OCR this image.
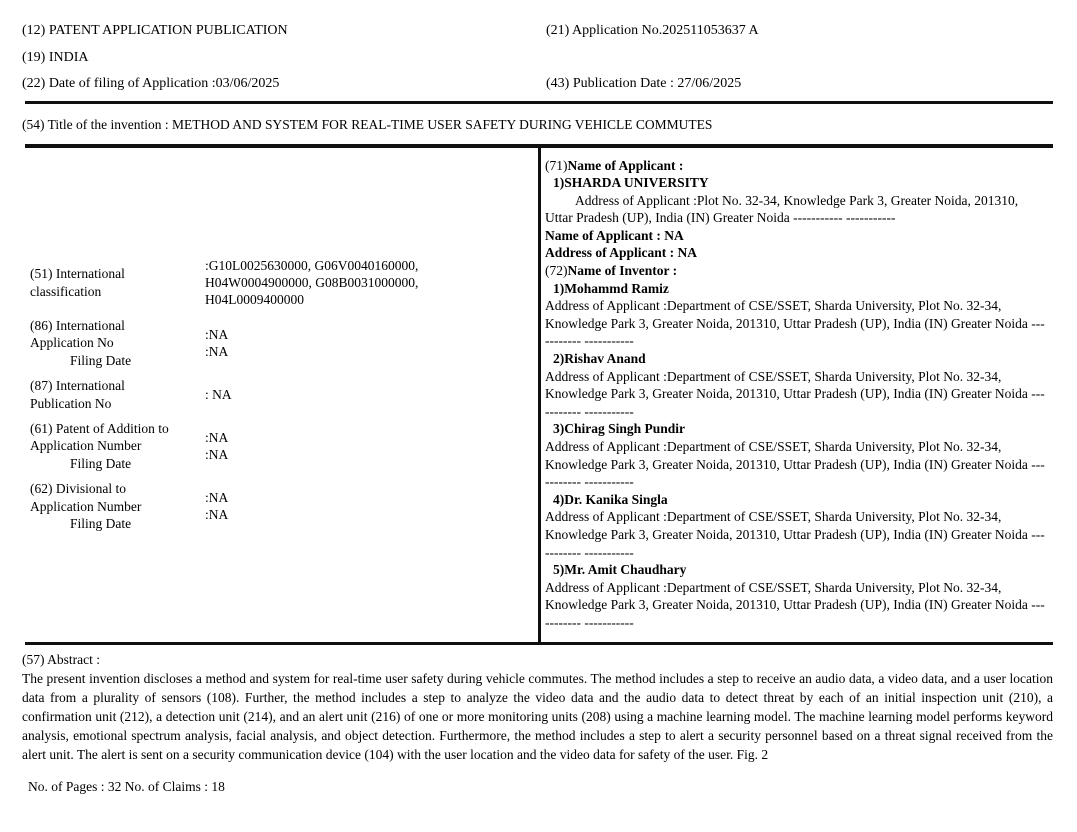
(12) PATENT APPLICATION PUBLICATION
(19) INDIA
(22) Date of filing of Application :03/06/2025
(21) Application No.202511053637 A

(43) Publication Date : 27/06/2025
(54) Title of the invention : METHOD AND SYSTEM FOR REAL-TIME USER SAFETY DURING VEHICLE COMMUTES
(51) International
classification
:G10L0025630000, G06V0040160000,
H04W0004900000, G08B0031000000,
H04L0009400000
(86) International
Application No
Filing Date
:NA
:NA
(87) International
Publication No
: NA
(61) Patent of Addition to
Application Number
Filing Date
:NA
:NA
(62) Divisional to
Application Number
Filing Date
:NA
:NA
(71)Name of Applicant :
1)SHARDA UNIVERSITY

Address of Applicant :Plot No. 32-34, Knowledge Park 3, Greater Noida, 201310, Uttar Pradesh (UP), India (IN) Greater Noida ----------- -----------

Name of Applicant : NA
Address of Applicant : NA
(72)Name of Inventor :
1)Mohammd Ramiz

Address of Applicant :Department of CSE/SSET, Sharda University, Plot No. 32-34, Knowledge Park 3, Greater Noida, 201310, Uttar Pradesh (UP), India (IN) Greater Noida ----------- -----------

2)Rishav Anand

Address of Applicant :Department of CSE/SSET, Sharda University, Plot No. 32-34, Knowledge Park 3, Greater Noida, 201310, Uttar Pradesh (UP), India (IN) Greater Noida ----------- -----------

3)Chirag Singh Pundir

Address of Applicant :Department of CSE/SSET, Sharda University, Plot No. 32-34, Knowledge Park 3, Greater Noida, 201310, Uttar Pradesh (UP), India (IN) Greater Noida ----------- -----------

4)Dr. Kanika Singla

Address of Applicant :Department of CSE/SSET, Sharda University, Plot No. 32-34, Knowledge Park 3, Greater Noida, 201310, Uttar Pradesh (UP), India (IN) Greater Noida ----------- -----------

5)Mr. Amit Chaudhary

Address of Applicant :Department of CSE/SSET, Sharda University, Plot No. 32-34, Knowledge Park 3, Greater Noida, 201310, Uttar Pradesh (UP), India (IN) Greater Noida ----------- -----------

(57) Abstract :
The present invention discloses a method and system for real-time user safety during vehicle commutes. The method includes a step to receive an audio data, a video data, and a user location data from a plurality of sensors (108). Further, the method includes a step to analyze the video data and the audio data to detect threat by each of an initial inspection unit (210), a confirmation unit (212), a detection unit (214), and an alert unit (216) of one or more monitoring units (208) using a machine learning model. The machine learning model performs keyword analysis, emotional spectrum analysis, facial analysis, and object detection. Furthermore, the method includes a step to alert a security personnel based on a threat signal received from the alert unit. The alert is sent on a security communication device (104) with the user location and the video data for safety of the user. Fig. 2
No. of Pages : 32 No. of Claims : 18
